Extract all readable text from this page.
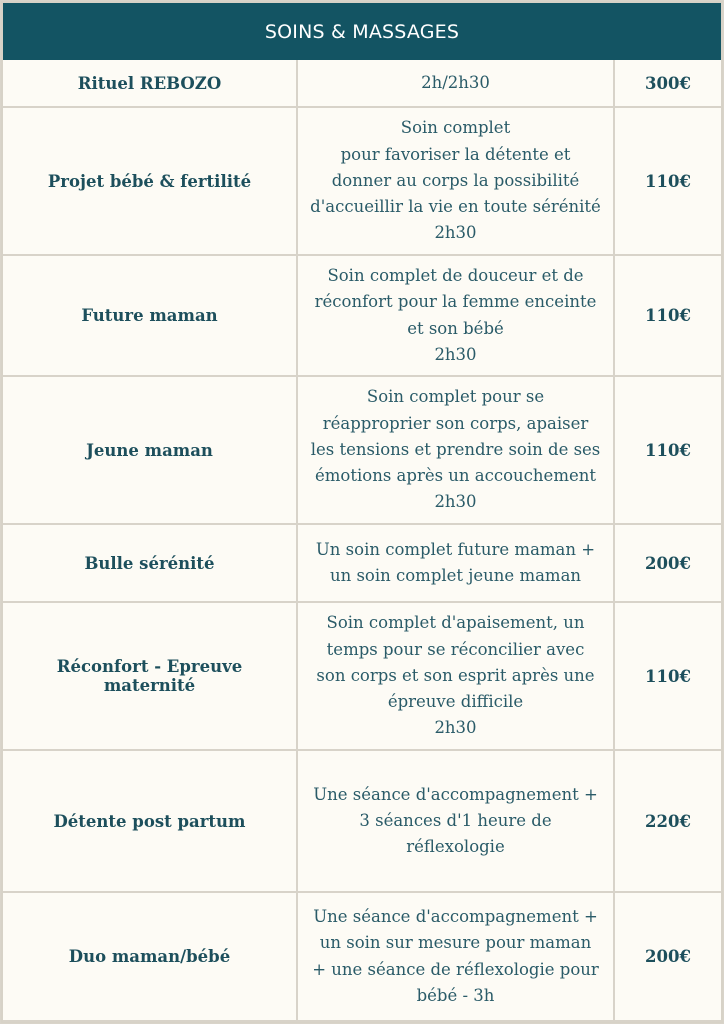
SOINS & MASSAGES
Rituel REBOZO	2h/2h30	300€
Projet bébé & fertilité	Soin complet
pour favoriser la détente et
donner au corps la possibilité
d'accueillir la vie en toute sérénité
2h30	110€
Future maman	Soin complet de douceur et de
réconfort pour la femme enceinte
et son bébé
2h30	110€
Jeune maman	Soin complet pour se
réapproprier son corps, apaiser
les tensions et prendre soin de ses
émotions après un accouchement
2h30	110€
Bulle sérénité	Un soin complet future maman +
un soin complet jeune maman	200€
Réconfort - Epreuve maternité	Soin complet d'apaisement, un
temps pour se réconcilier avec
son corps et son esprit après une
épreuve difficile
2h30	110€
Détente post partum	Une séance d'accompagnement +
3 séances d'1 heure de
réflexologie	220€
Duo maman/bébé	Une séance d'accompagnement +
un soin sur mesure pour maman
+ une séance de réflexologie pour
bébé - 3h	200€
